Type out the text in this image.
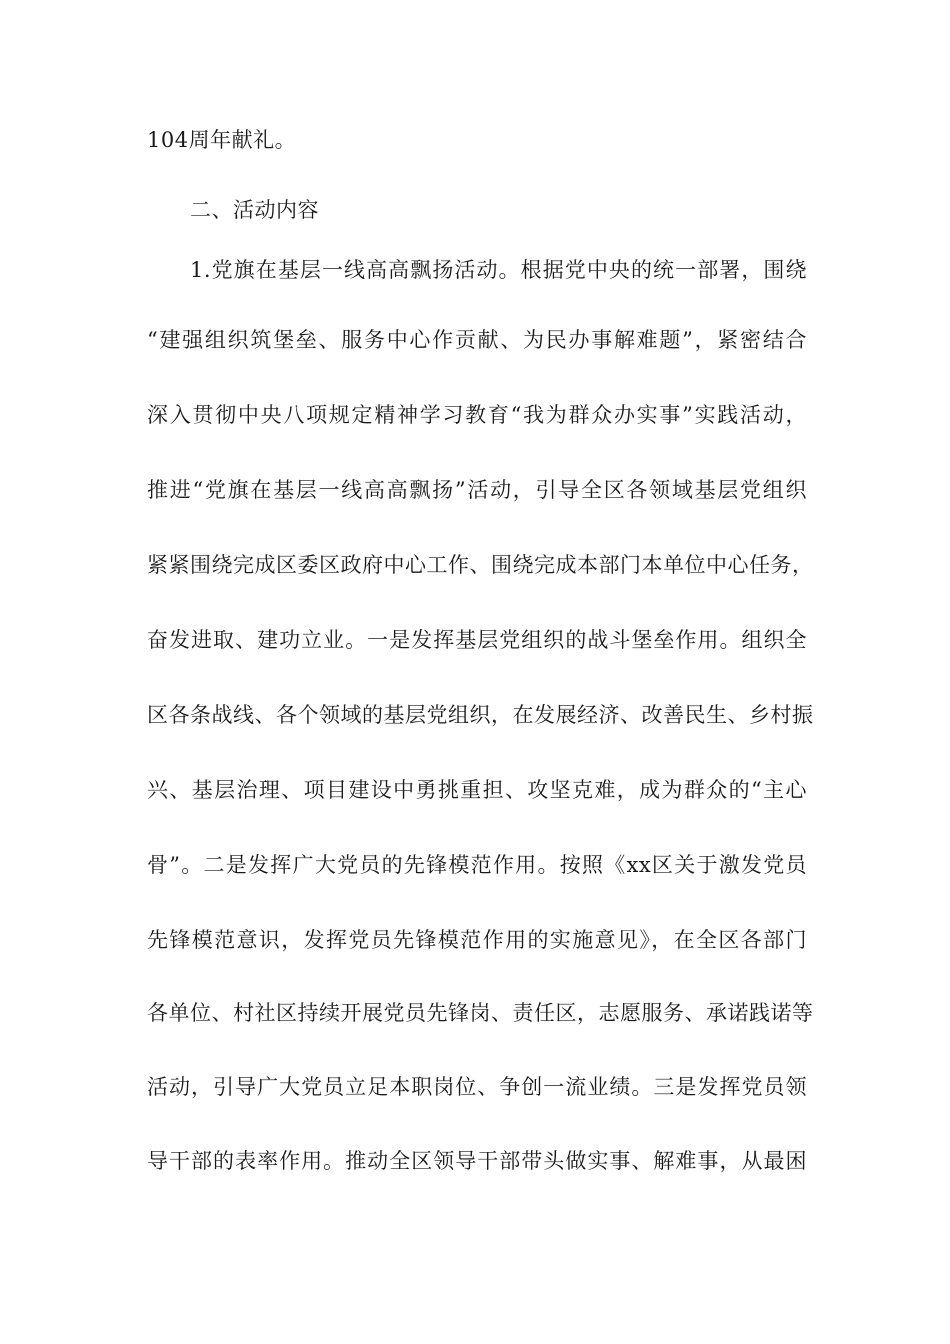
104周年献礼。
二、活动内容
1.党旗在基层一线高高飘扬活动。根据党中央的统一部署，围绕
“建强组织筑堡垒、服务中心作贡献、为民办事解难题”，紧密结合
深入贯彻中央八项规定精神学习教育“我为群众办实事”实践活动，
推进“党旗在基层一线高高飘扬”活动，引导全区各领域基层党组织
紧紧围绕完成区委区政府中心工作、围绕完成本部门本单位中心任务，
奋发进取、建功立业。一是发挥基层党组织的战斗堡垒作用。组织全
区各条战线、各个领域的基层党组织，在发展经济、改善民生、乡村振
兴、基层治理、项目建设中勇挑重担、攻坚克难，成为群众的“主心
骨”。二是发挥广大党员的先锋模范作用。按照《xx区关于激发党员
先锋模范意识，发挥党员先锋模范作用的实施意见》，在全区各部门
各单位、村社区持续开展党员先锋岗、责任区，志愿服务、承诺践诺等
活动，引导广大党员立足本职岗位、争创一流业绩。三是发挥党员领
导干部的表率作用。推动全区领导干部带头做实事、解难事，从最困
